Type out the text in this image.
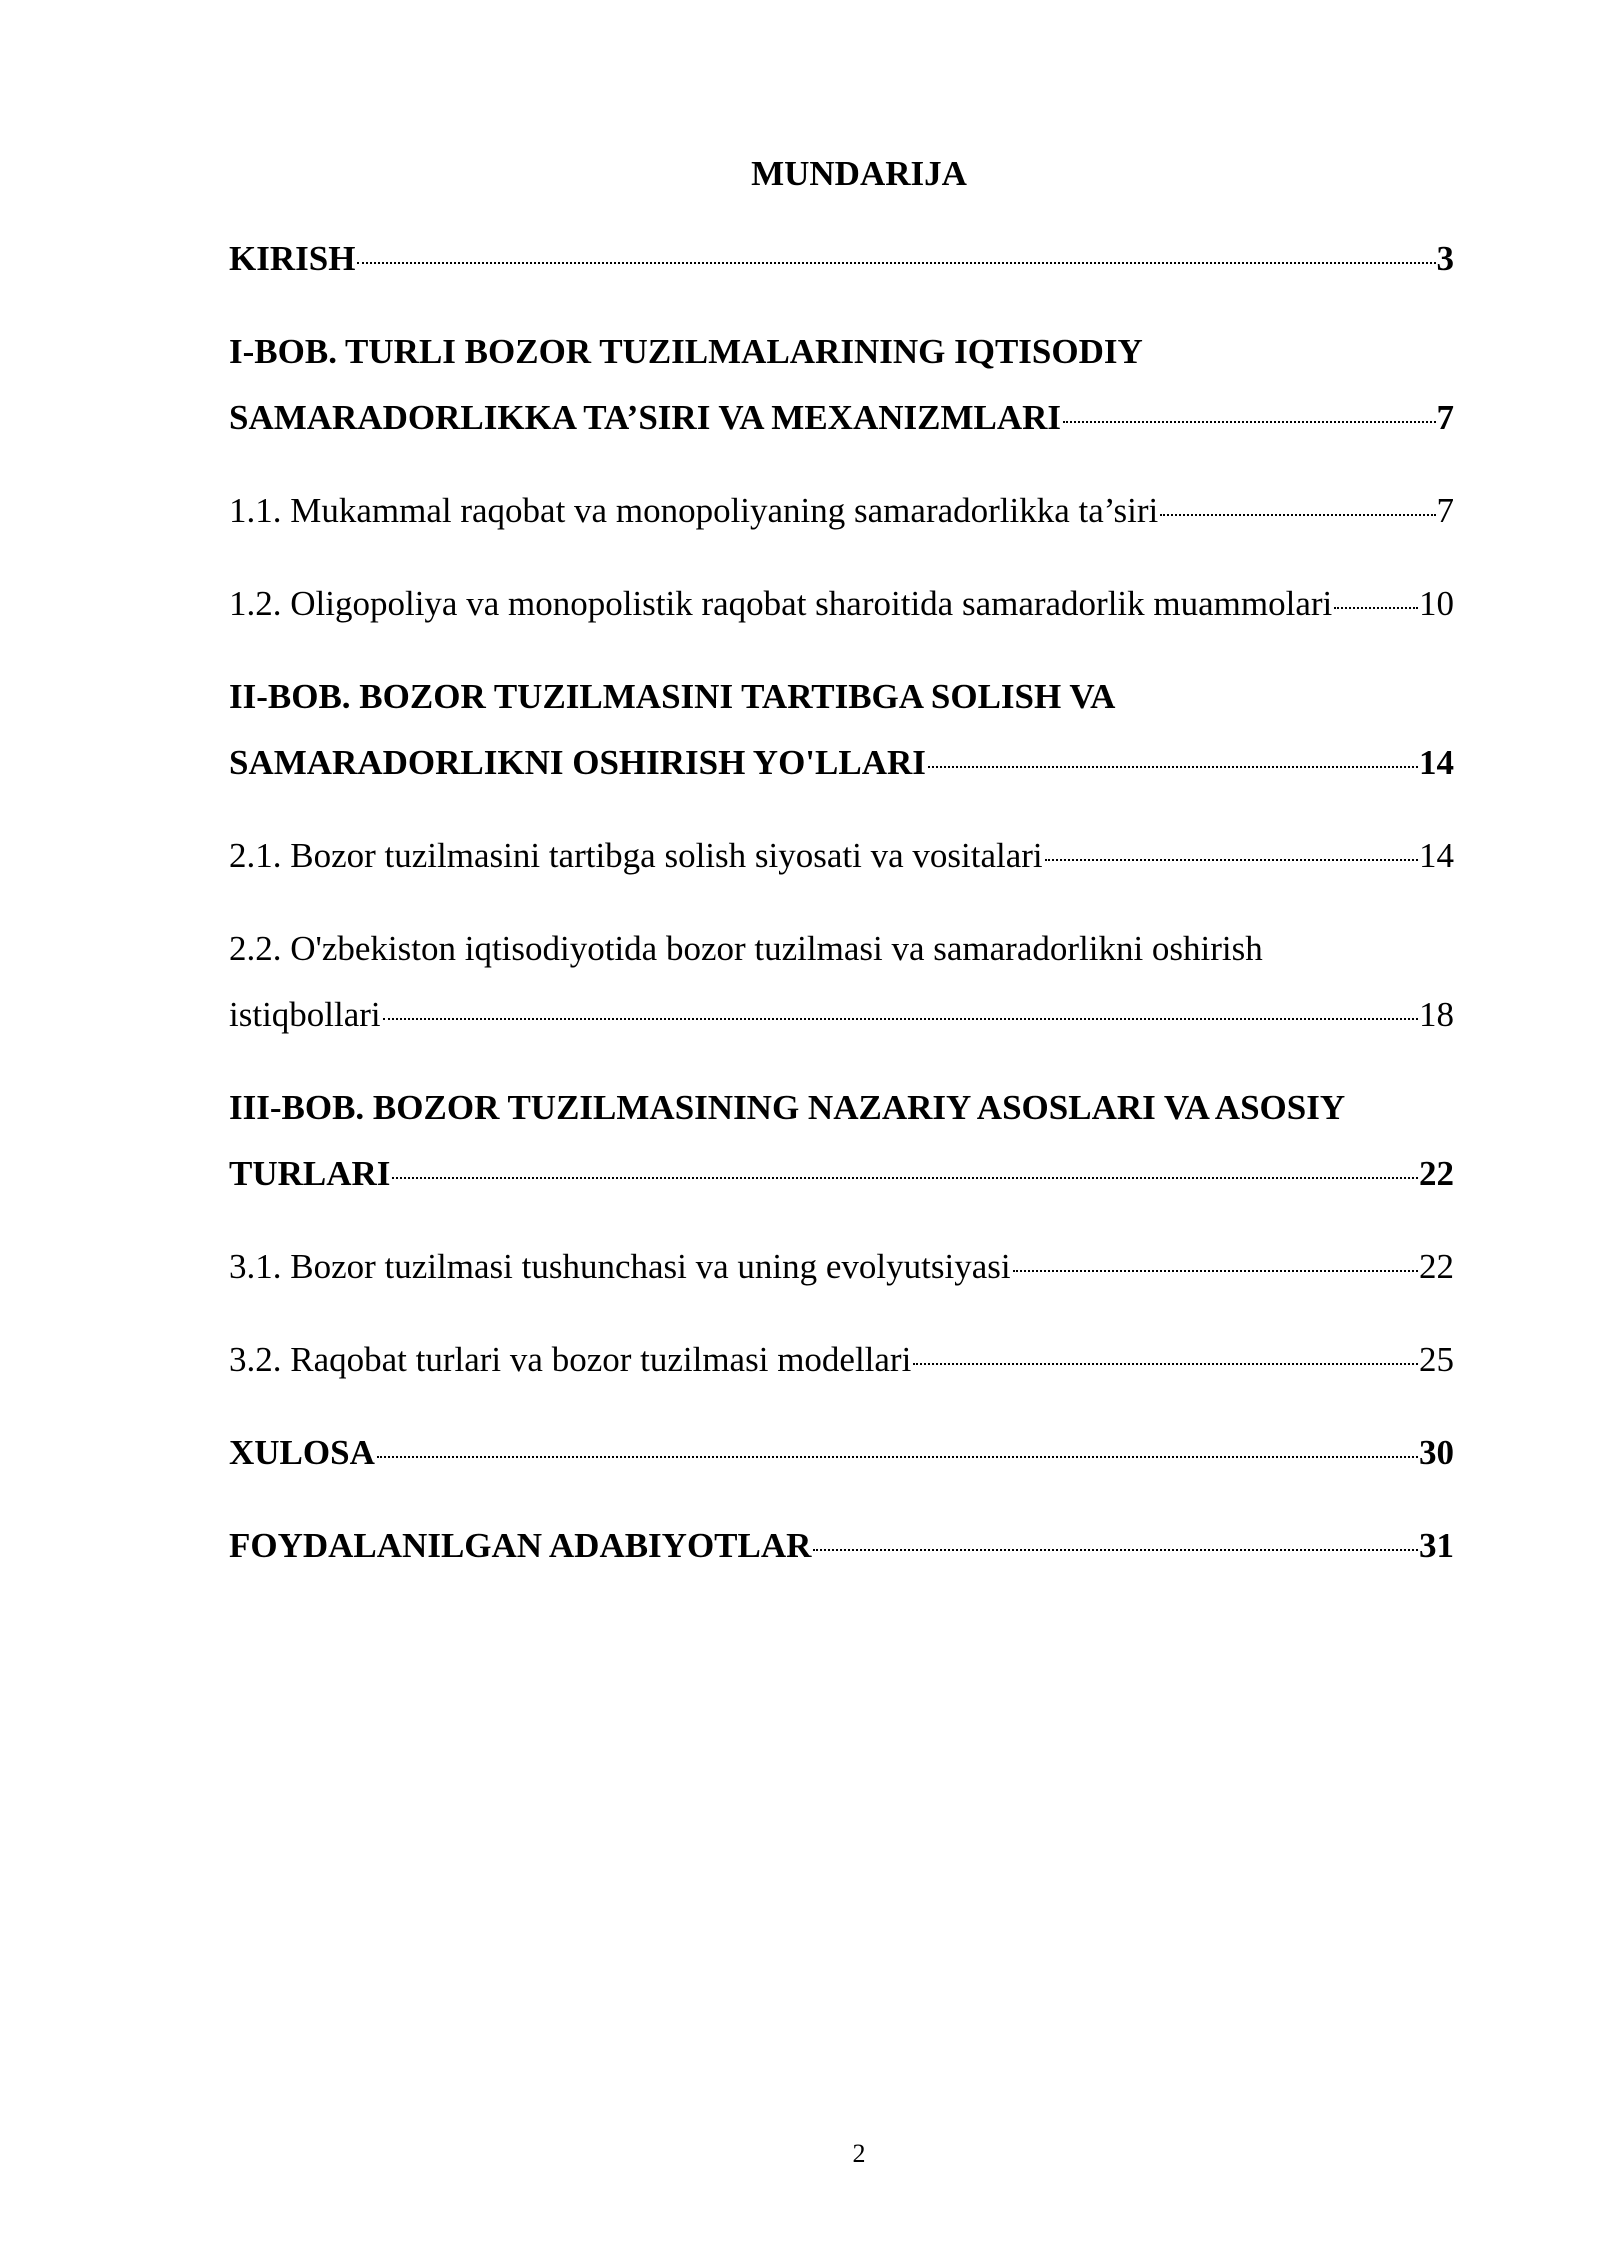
MUNDARIJA
KIRISH	3
I-BOB. TURLI BOZOR TUZILMALARINING IQTISODIY
SAMARADORLIKKA TA’SIRI VA MEXANIZMLARI	7
1.1. Mukammal raqobat va monopoliyaning samaradorlikka ta’siri	7
1.2. Oligopoliya va monopolistik raqobat sharoitida samaradorlik muammolari 10
II-BOB. BOZOR TUZILMASINI TARTIBGA SOLISH VA
SAMARADORLIKNI OSHIRISH YO'LLARI	14
2.1. Bozor tuzilmasini tartibga solish siyosati va vositalari	14
2.2. O'zbekiston iqtisodiyotida bozor tuzilmasi va samaradorlikni oshirish
istiqbollari	18
III-BOB. BOZOR TUZILMASINING NAZARIY ASOSLARI VA ASOSIY
TURLARI	22
3.1. Bozor tuzilmasi tushunchasi va uning evolyutsiyasi	22
3.2. Raqobat turlari va bozor tuzilmasi modellari	25
XULOSA	30
FOYDALANILGAN ADABIYOTLAR	31
2
